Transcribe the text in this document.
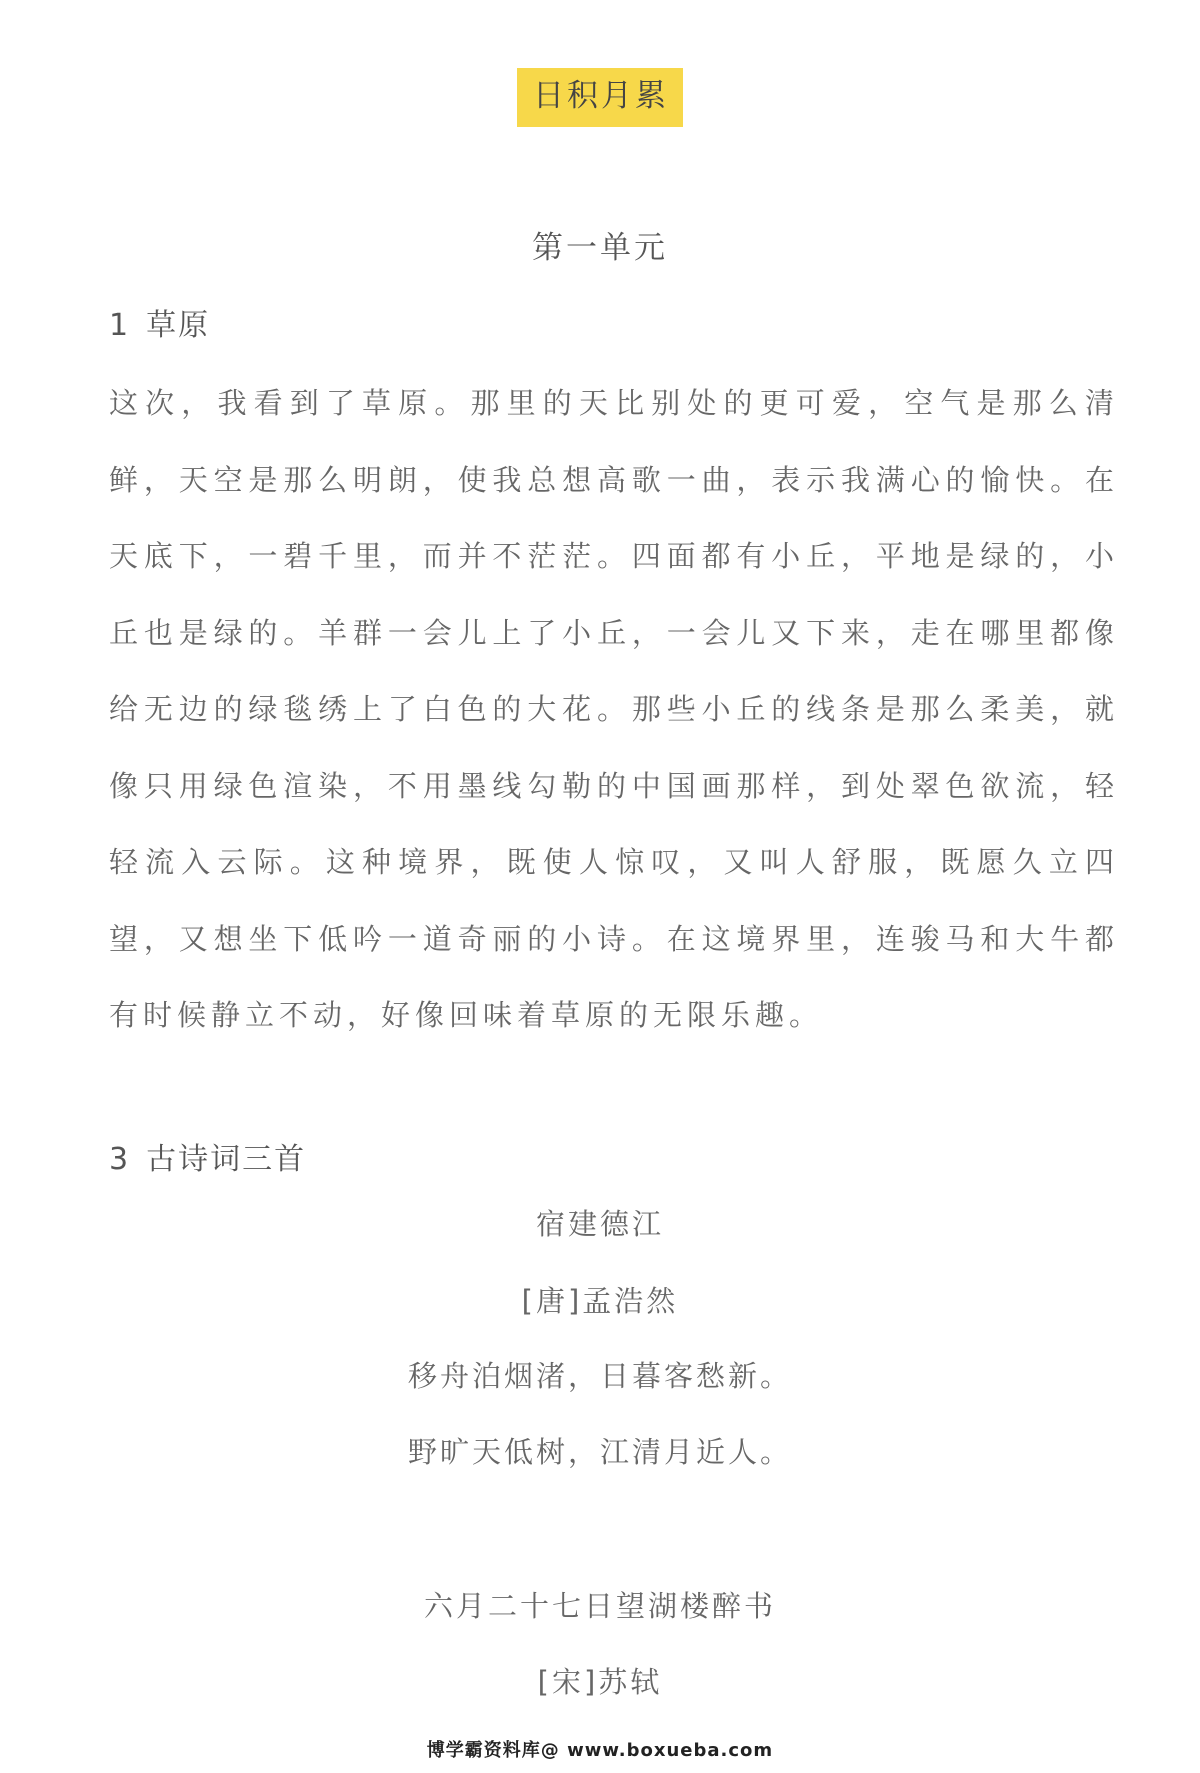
日积月累
第一单元
1 草原

这次，我看到了草原。那里的天比别处的更可爱，空气是那么清鲜，天空是那么明朗，使我总想高歌一曲，表示我满心的愉快。在天底下，一碧千里，而并不茫茫。四面都有小丘，平地是绿的，小丘也是绿的。羊群一会儿上了小丘，一会儿又下来，走在哪里都像给无边的绿毯绣上了白色的大花。那些小丘的线条是那么柔美，就像只用绿色渲染，不用墨线勾勒的中国画那样，到处翠色欲流，轻轻流入云际。这种境界，既使人惊叹，又叫人舒服，既愿久立四望，又想坐下低吟一道奇丽的小诗。在这境界里，连骏马和大牛都有时候静立不动，好像回味着草原的无限乐趣。

3 古诗词三首
宿建德江
[唐]孟浩然
移舟泊烟渚，日暮客愁新。
野旷天低树，江清月近人。
六月二十七日望湖楼醉书
[宋]苏轼
博学霸资料库@ www.boxueba.com
